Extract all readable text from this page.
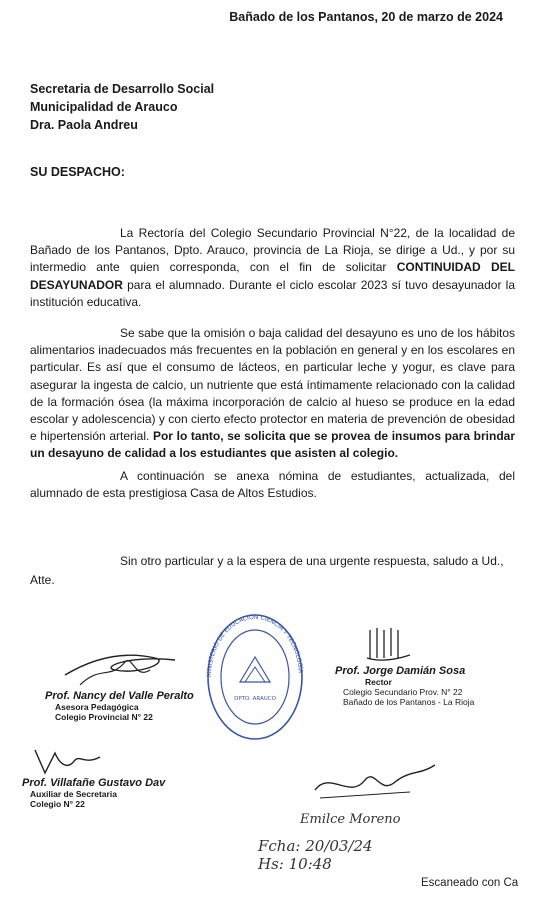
Bañado de los Pantanos, 20 de marzo de 2024
Secretaria de Desarrollo Social
Municipalidad de Arauco
Dra. Paola Andreu
SU DESPACHO:
La Rectoría del Colegio Secundario Provincial N°22, de la localidad de Bañado de los Pantanos, Dpto. Arauco, provincia de La Rioja, se dirige a Ud., y por su intermedio ante quien corresponda, con el fin de solicitar CONTINUIDAD DEL DESAYUNADOR para el alumnado. Durante el ciclo escolar 2023 sí tuvo desayunador la institución educativa.
Se sabe que la omisión o baja calidad del desayuno es uno de los hábitos alimentarios inadecuados más frecuentes en la población en general y en los escolares en particular. Es así que el consumo de lácteos, en particular leche y yogur, es clave para asegurar la ingesta de calcio, un nutriente que está íntimamente relacionado con la calidad de la formación ósea (la máxima incorporación de calcio al hueso se produce en la edad escolar y adolescencia) y con cierto efecto protector en materia de prevención de obesidad e hipertensión arterial. Por lo tanto, se solicita que se provea de insumos para brindar un desayuno de calidad a los estudiantes que asisten al colegio.
A continuación se anexa nómina de estudiantes, actualizada, del alumnado de esta prestigiosa Casa de Altos Estudios.
Sin otro particular y a la espera de una urgente respuesta, saludo a Ud.,
Atte.
Prof. Nancy del Valle Peralto
Asesora Pedagógica
Colegio Provincial N° 22
MINISTERIO DE EDUCACIÓN CIENCIA Y TECNOLOGÍA
DPTO. ARAUCO
Prof. Jorge Damián Sosa
Rector
Colegio Secundario Prov. N° 22
Bañado de los Pantanos - La Rioja
Prof. Villafañe Gustavo Dav
Auxiliar de Secretaria
Colegio N° 22
Emilce Moreno
Fcha: 20/03/24
Hs: 10:48
Escaneado con Ca
